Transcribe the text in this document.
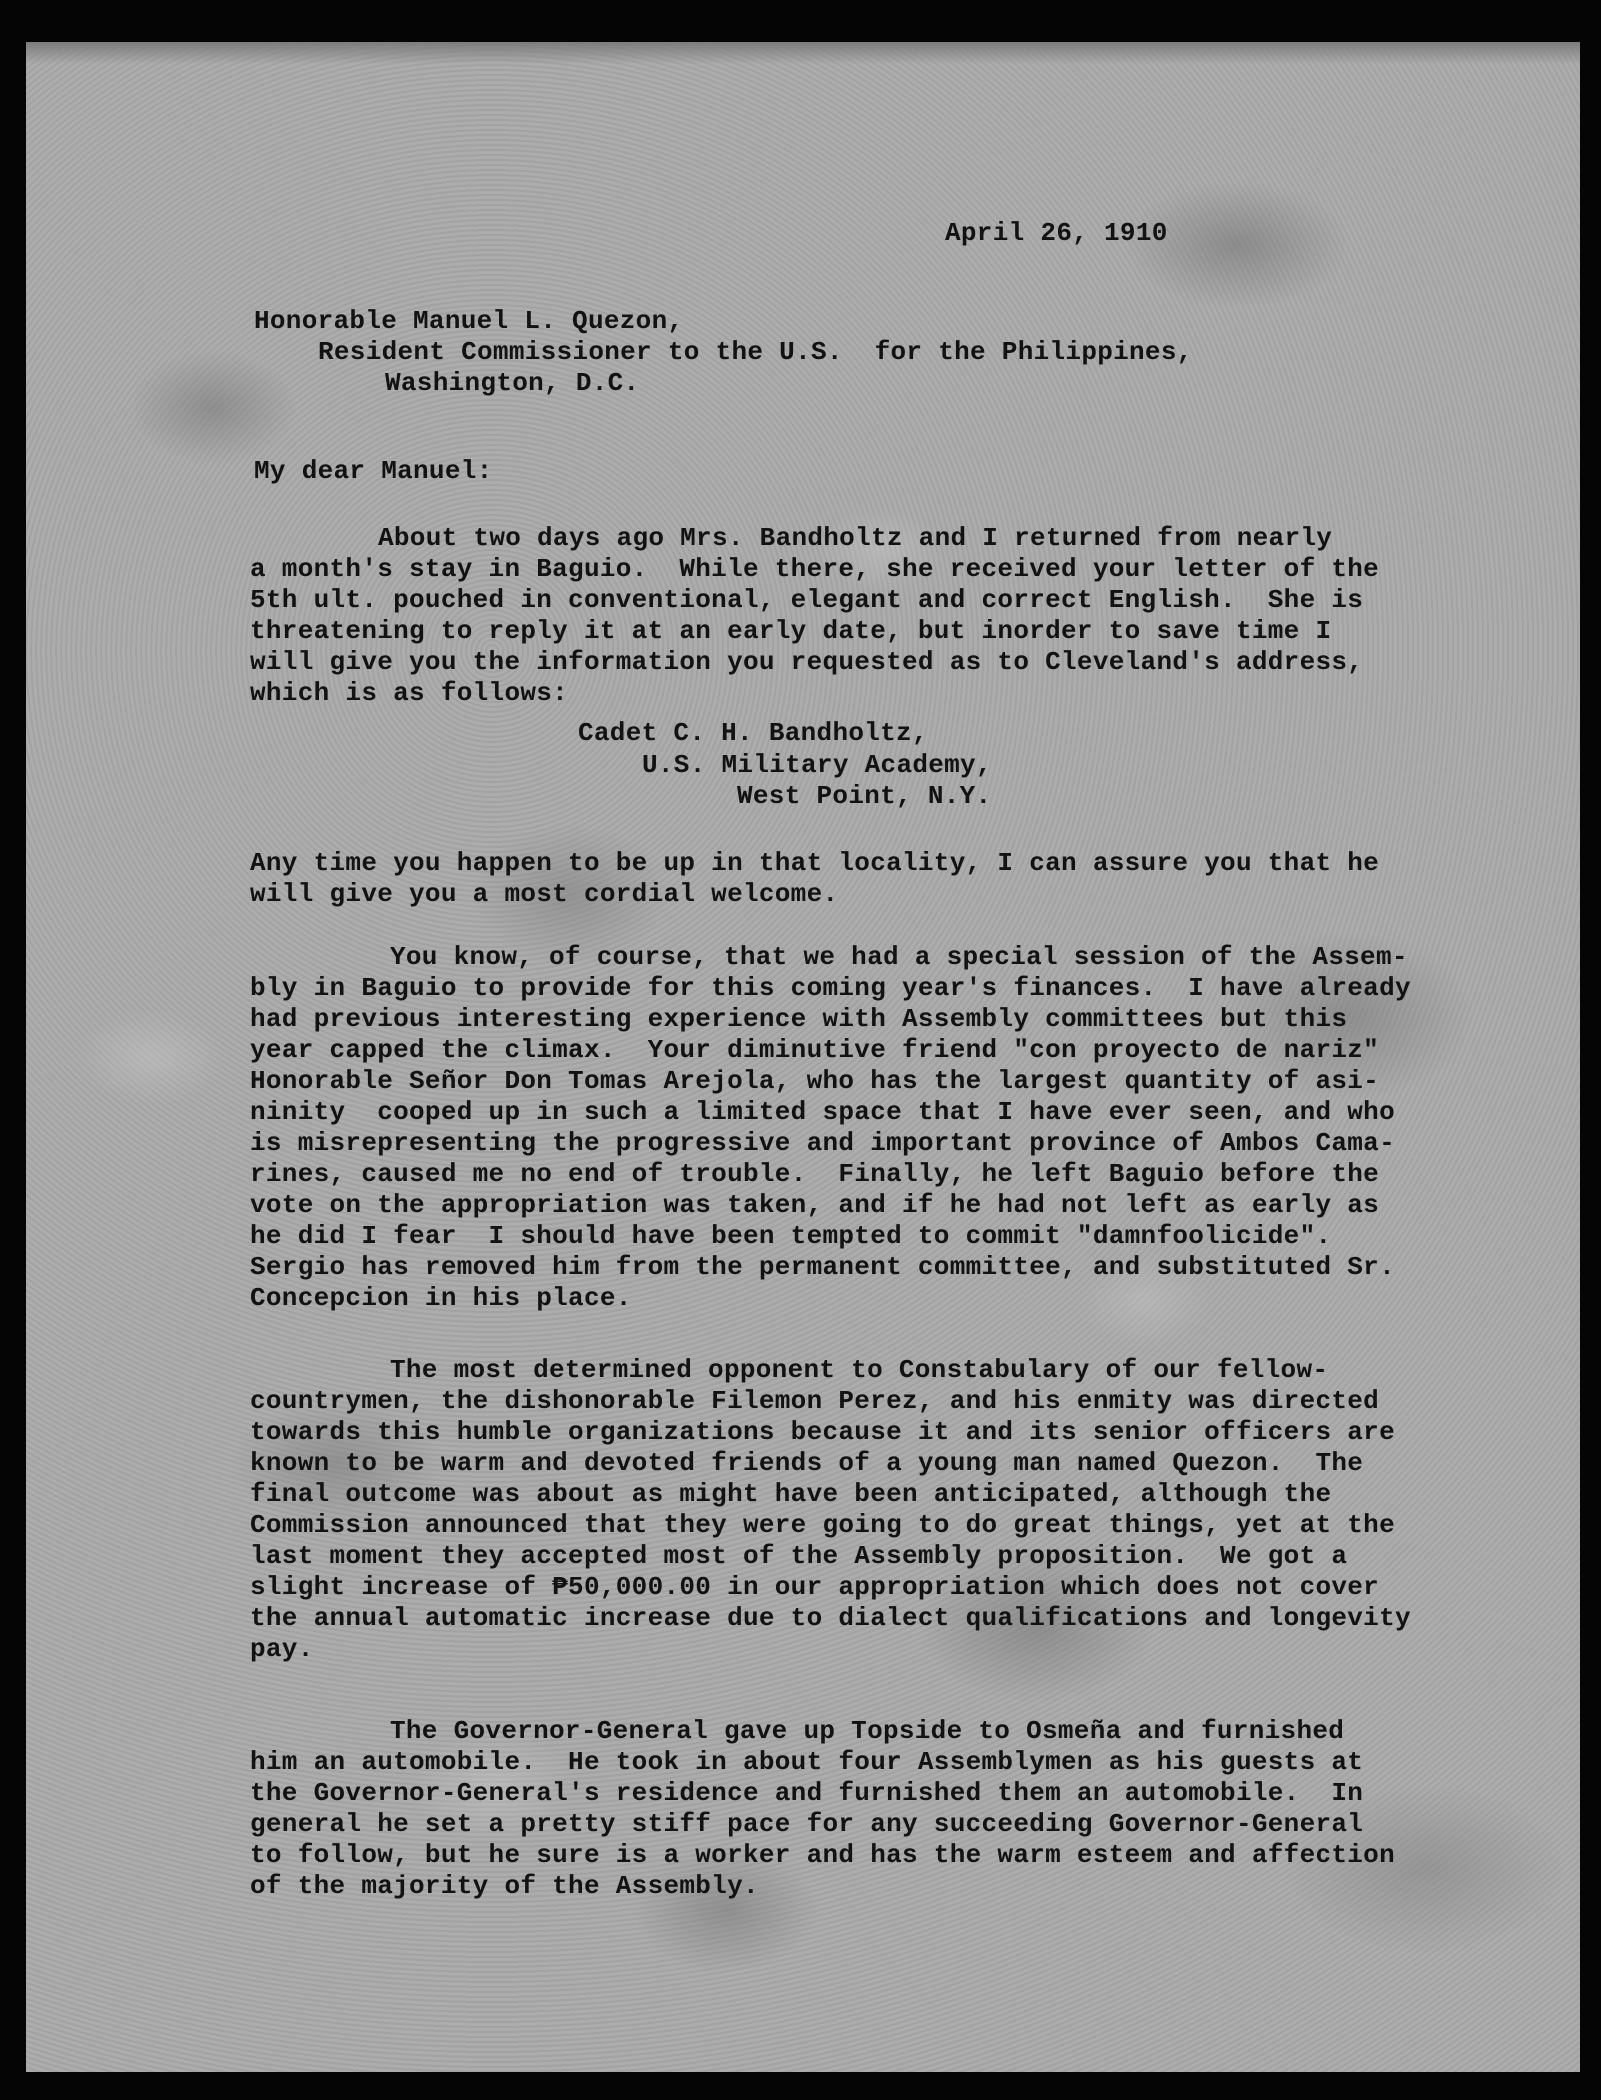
April 26, 1910
Honorable Manuel L. Quezon,
Resident Commissioner to the U.S.  for the Philippines,
Washington, D.C.
My dear Manuel:
About two days ago Mrs. Bandholtz and I returned from nearly
a month's stay in Baguio.  While there, she received your letter of the
5th ult. pouched in conventional, elegant and correct English.  She is
threatening to reply it at an early date, but inorder to save time I
will give you the information you requested as to Cleveland's address,
which is as follows:
Cadet C. H. Bandholtz,
U.S. Military Academy,
West Point, N.Y.
Any time you happen to be up in that locality, I can assure you that he
will give you a most cordial welcome.
You know, of course, that we had a special session of the Assem-
bly in Baguio to provide for this coming year's finances.  I have already
had previous interesting experience with Assembly committees but this
year capped the climax.  Your diminutive friend "con proyecto de nariz"
Honorable Señor Don Tomas Arejola, who has the largest quantity of asi-
ninity  cooped up in such a limited space that I have ever seen, and who
is misrepresenting the progressive and important province of Ambos Cama-
rines, caused me no end of trouble.  Finally, he left Baguio before the
vote on the appropriation was taken, and if he had not left as early as
he did I fear  I should have been tempted to commit "damnfoolicide".
Sergio has removed him from the permanent committee, and substituted Sr.
Concepcion in his place.
The most determined opponent to Constabulary of our fellow-
countrymen, the dishonorable Filemon Perez, and his enmity was directed
towards this humble organizations because it and its senior officers are
known to be warm and devoted friends of a young man named Quezon.  The
final outcome was about as might have been anticipated, although the
Commission announced that they were going to do great things, yet at the
last moment they accepted most of the Assembly proposition.  We got a
slight increase of ₱50,000.00 in our appropriation which does not cover
the annual automatic increase due to dialect qualifications and longevity
pay.
The Governor-General gave up Topside to Osmeña and furnished
him an automobile.  He took in about four Assemblymen as his guests at
the Governor-General's residence and furnished them an automobile.  In
general he set a pretty stiff pace for any succeeding Governor-General
to follow, but he sure is a worker and has the warm esteem and affection
of the majority of the Assembly.
